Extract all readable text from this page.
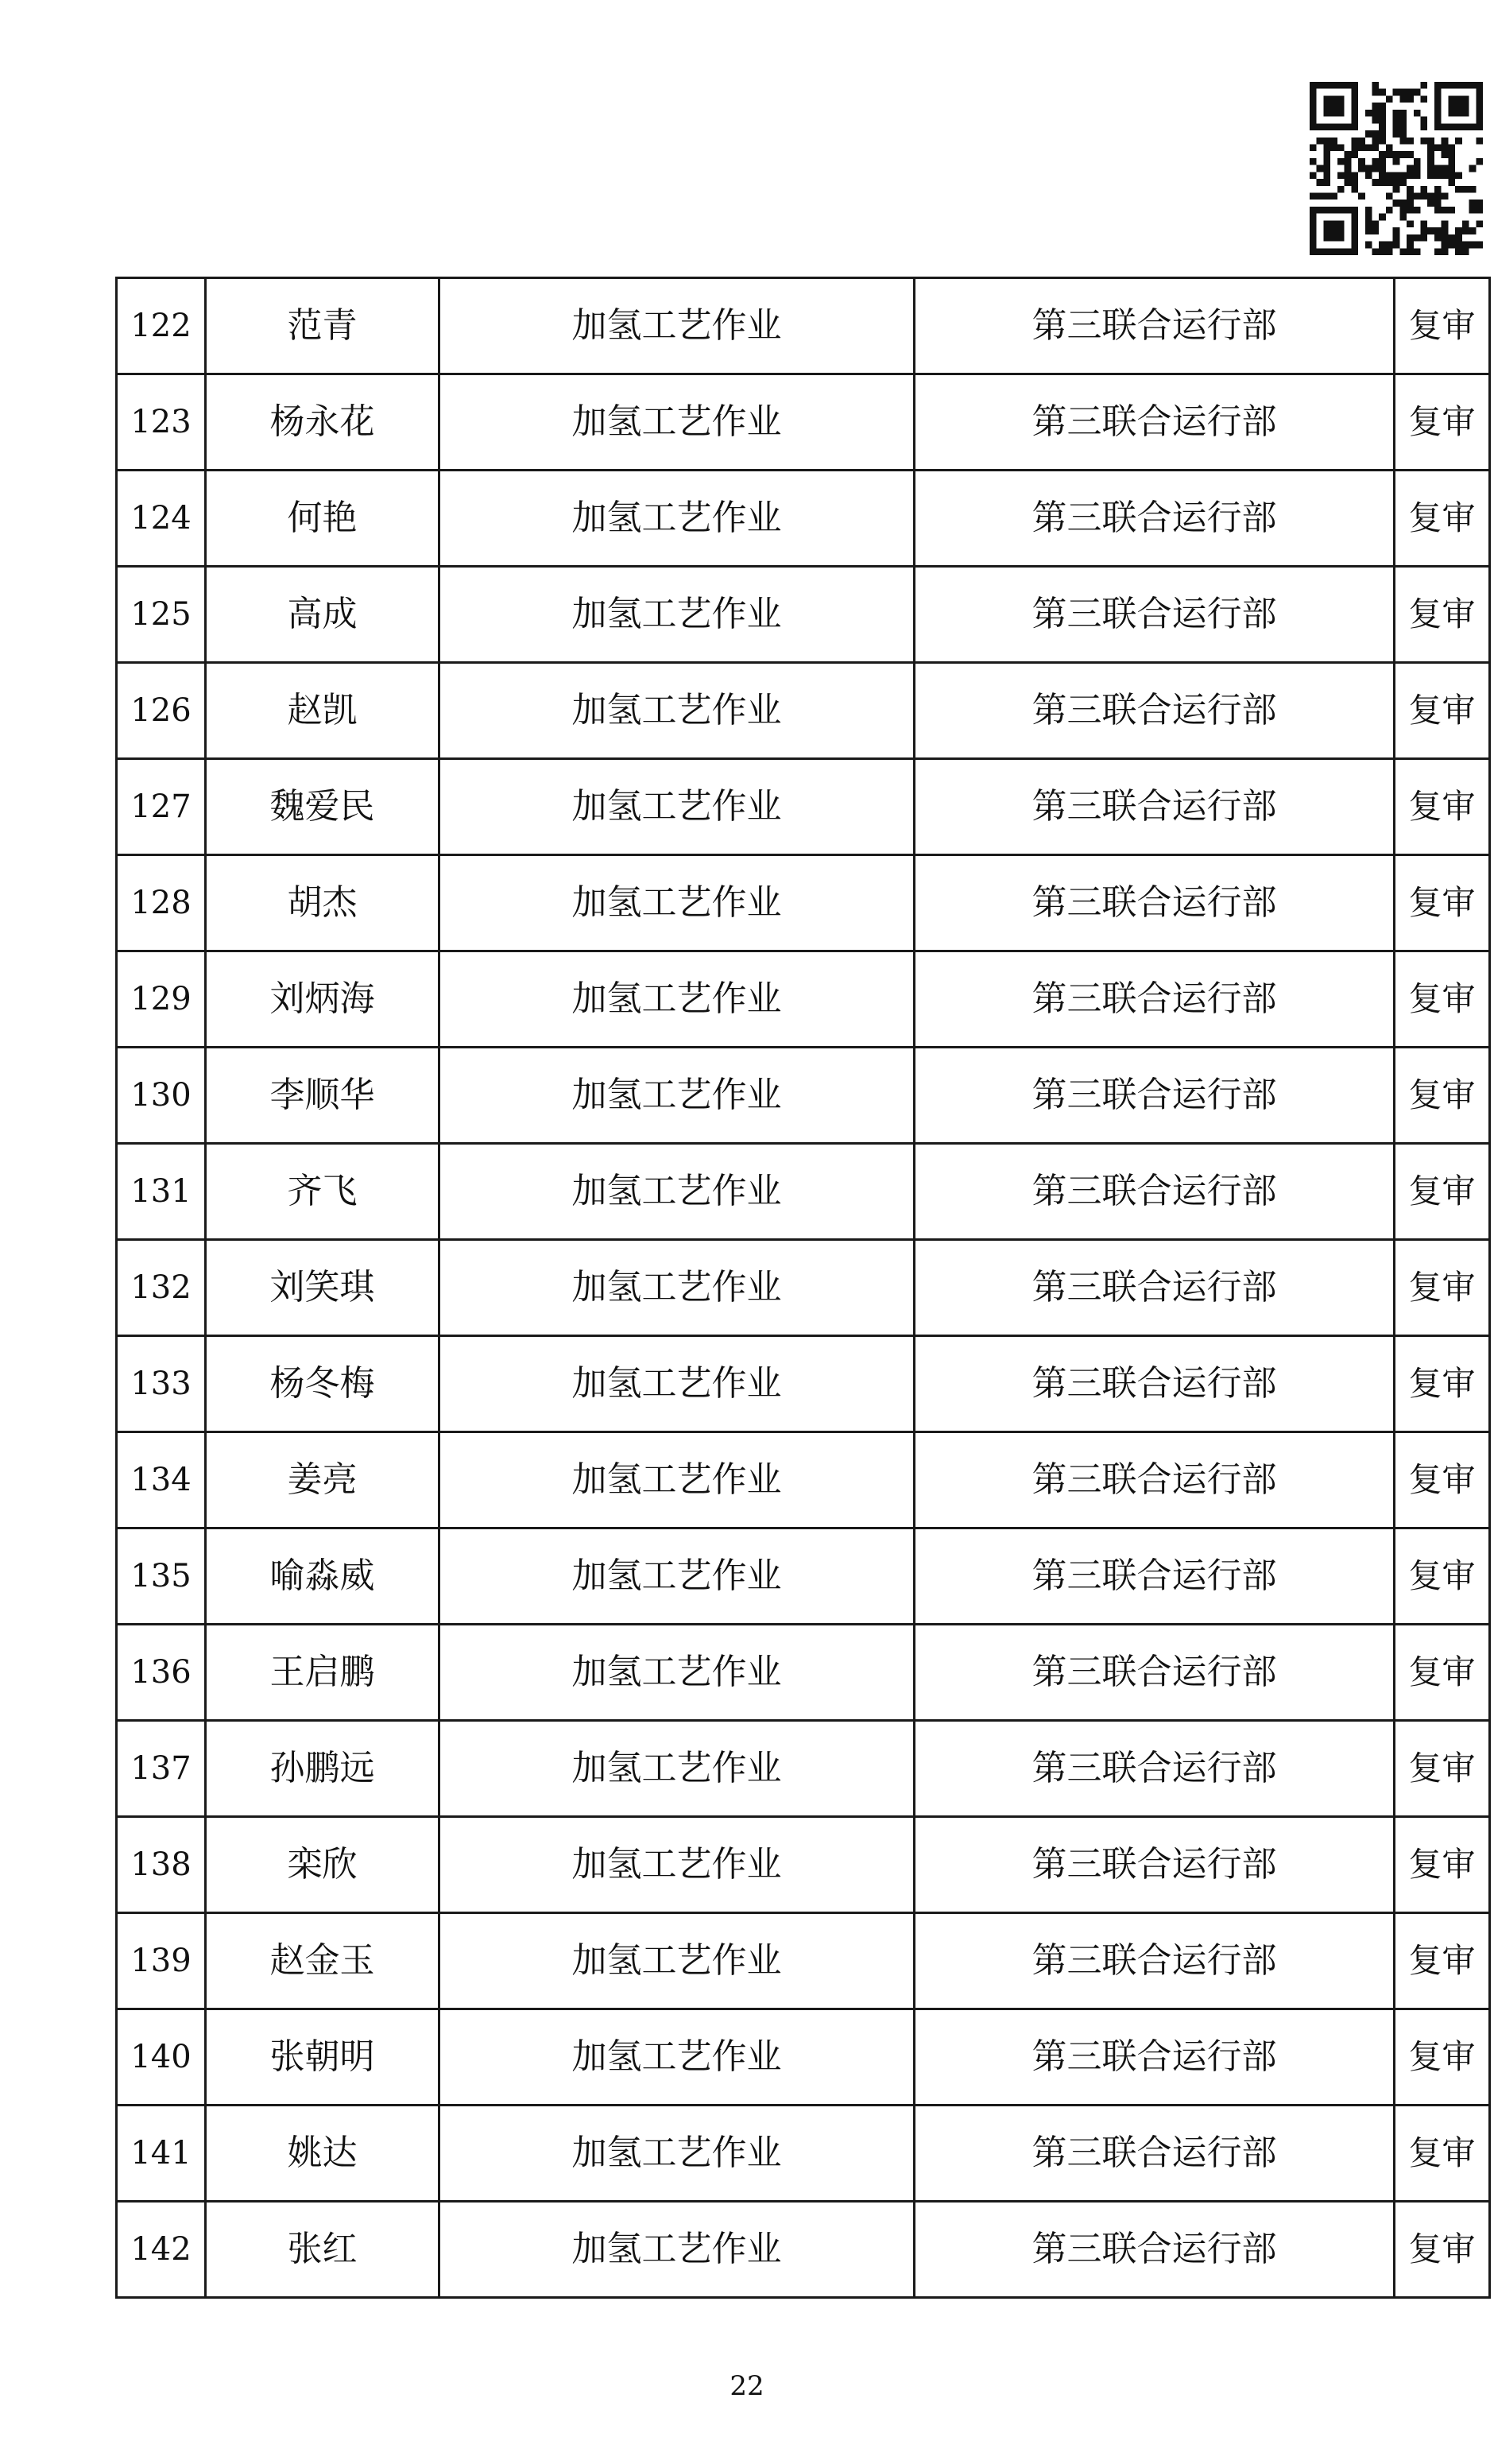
122	范青	加氢工艺作业	第三联合运行部	复审
123	杨永花	加氢工艺作业	第三联合运行部	复审
124	何艳	加氢工艺作业	第三联合运行部	复审
125	高成	加氢工艺作业	第三联合运行部	复审
126	赵凯	加氢工艺作业	第三联合运行部	复审
127	魏爱民	加氢工艺作业	第三联合运行部	复审
128	胡杰	加氢工艺作业	第三联合运行部	复审
129	刘炳海	加氢工艺作业	第三联合运行部	复审
130	李顺华	加氢工艺作业	第三联合运行部	复审
131	齐飞	加氢工艺作业	第三联合运行部	复审
132	刘笑琪	加氢工艺作业	第三联合运行部	复审
133	杨冬梅	加氢工艺作业	第三联合运行部	复审
134	姜亮	加氢工艺作业	第三联合运行部	复审
135	喻淼威	加氢工艺作业	第三联合运行部	复审
136	王启鹏	加氢工艺作业	第三联合运行部	复审
137	孙鹏远	加氢工艺作业	第三联合运行部	复审
138	栾欣	加氢工艺作业	第三联合运行部	复审
139	赵金玉	加氢工艺作业	第三联合运行部	复审
140	张朝明	加氢工艺作业	第三联合运行部	复审
141	姚达	加氢工艺作业	第三联合运行部	复审
142	张红	加氢工艺作业	第三联合运行部	复审
22
